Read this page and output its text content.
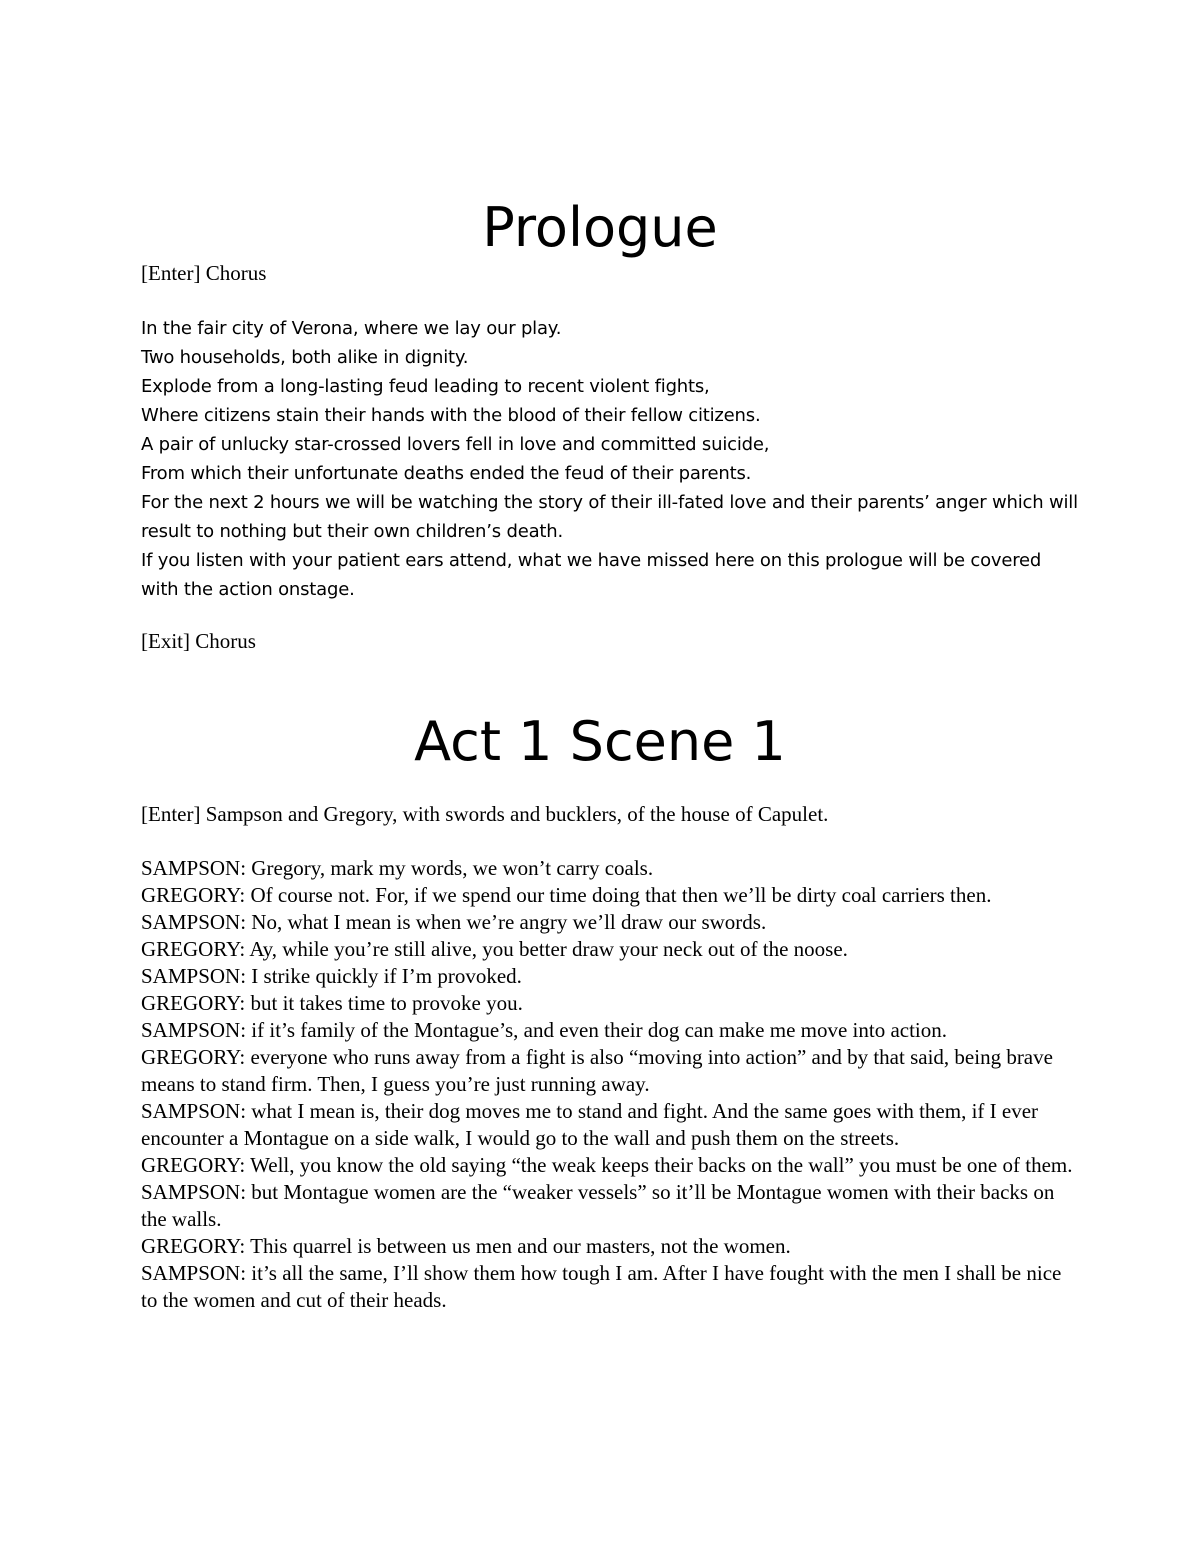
Prologue

[Enter] Chorus

In the fair city of Verona, where we lay our play.
Two households, both alike in dignity.
Explode from a long-lasting feud leading to recent violent fights,
Where citizens stain their hands with the blood of their fellow citizens.
A pair of unlucky star-crossed lovers fell in love and committed suicide,
From which their unfortunate deaths ended the feud of their parents.
For the next 2 hours we will be watching the story of their ill-fated love and their parents’ anger which will result to nothing but their own children’s death.
If you listen with your patient ears attend, what we have missed here on this prologue will be covered with the action onstage.

[Exit] Chorus

Act 1 Scene 1

[Enter] Sampson and Gregory, with swords and bucklers, of the house of Capulet.

SAMPSON: Gregory, mark my words, we won’t carry coals.
GREGORY: Of course not. For, if we spend our time doing that then we’ll be dirty coal carriers then.
SAMPSON: No, what I mean is when we’re angry we’ll draw our swords.
GREGORY: Ay, while you’re still alive, you better draw your neck out of the noose.
SAMPSON: I strike quickly if I’m provoked.
GREGORY: but it takes time to provoke you.
SAMPSON: if it’s family of the Montague’s, and even their dog can make me move into action.
GREGORY: everyone who runs away from a fight is also “moving into action” and by that said, being brave means to stand firm. Then, I guess you’re just running away.
SAMPSON: what I mean is, their dog moves me to stand and fight. And the same goes with them, if I ever encounter a Montague on a side walk, I would go to the wall and push them on the streets.
GREGORY: Well, you know the old saying “the weak keeps their backs on the wall” you must be one of them.
SAMPSON: but Montague women are the “weaker vessels” so it’ll be Montague women with their backs on the walls.
GREGORY: This quarrel is between us men and our masters, not the women.
SAMPSON: it’s all the same, I’ll show them how tough I am. After I have fought with the men I shall be nice to the women and cut of their heads.
